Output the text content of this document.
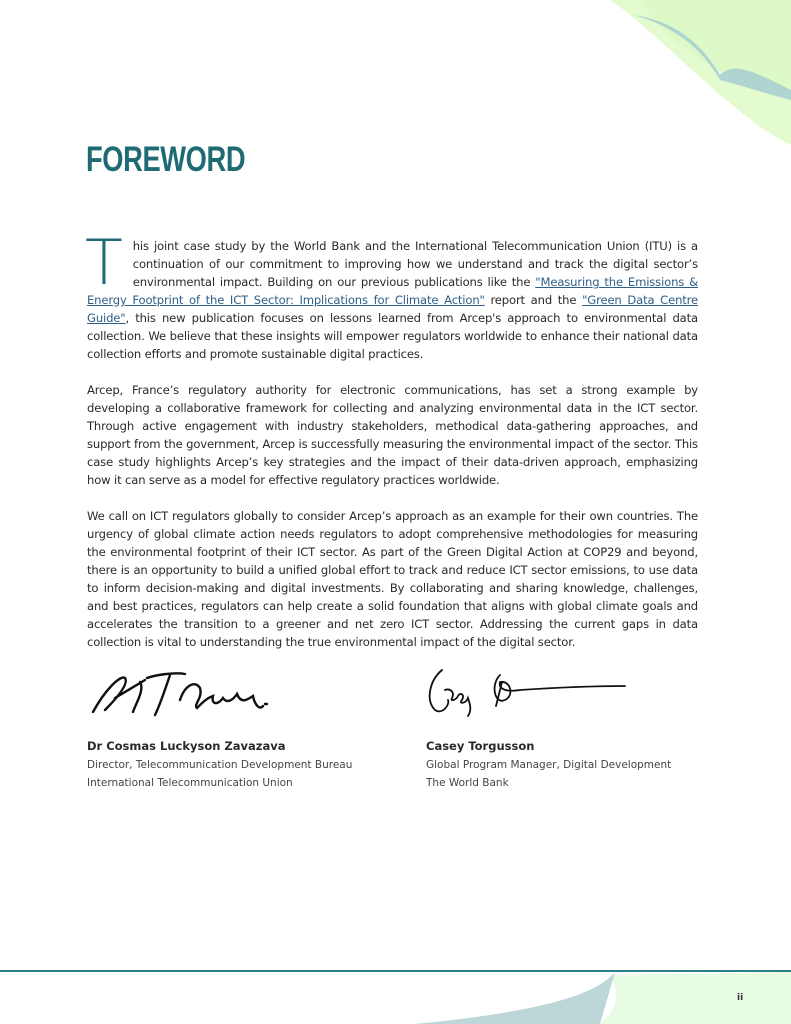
FOREWORD

This joint case study by the World Bank and the International Telecommunication Union (ITU) is a continuation of our commitment to improving how we understand and track the digital sector’s environmental impact. Building on our previous publications like the "Measuring the Emissions & Energy Footprint of the ICT Sector: Implications for Climate Action" report and the "Green Data Centre Guide", this new publication focuses on lessons learned from Arcep's approach to environmental data collection. We believe that these insights will empower regulators worldwide to enhance their national data collection efforts and promote sustainable digital practices.

Arcep, France’s regulatory authority for electronic communications, has set a strong example by developing a collaborative framework for collecting and analyzing environmental data in the ICT sector. Through active engagement with industry stakeholders, methodical data-gathering approaches, and support from the government, Arcep is successfully measuring the environmental impact of the sector. This case study highlights Arcep’s key strategies and the impact of their data-driven approach, emphasizing how it can serve as a model for effective regulatory practices worldwide.

We call on ICT regulators globally to consider Arcep’s approach as an example for their own countries. The urgency of global climate action needs regulators to adopt comprehensive methodologies for measuring the environmental footprint of their ICT sector. As part of the Green Digital Action at COP29 and beyond, there is an opportunity to build a unified global effort to track and reduce ICT sector emissions, to use data to inform decision-making and digital investments. By collaborating and sharing knowledge, challenges, and best practices, regulators can help create a solid foundation that aligns with global climate goals and accelerates the transition to a greener and net zero ICT sector. Addressing the current gaps in data collection is vital to understanding the true environmental impact of the digital sector.

Dr Cosmas Luckyson Zavazava
Director, Telecommunication Development Bureau
International Telecommunication Union
Casey Torgusson
Global Program Manager, Digital Development
The World Bank
ii
